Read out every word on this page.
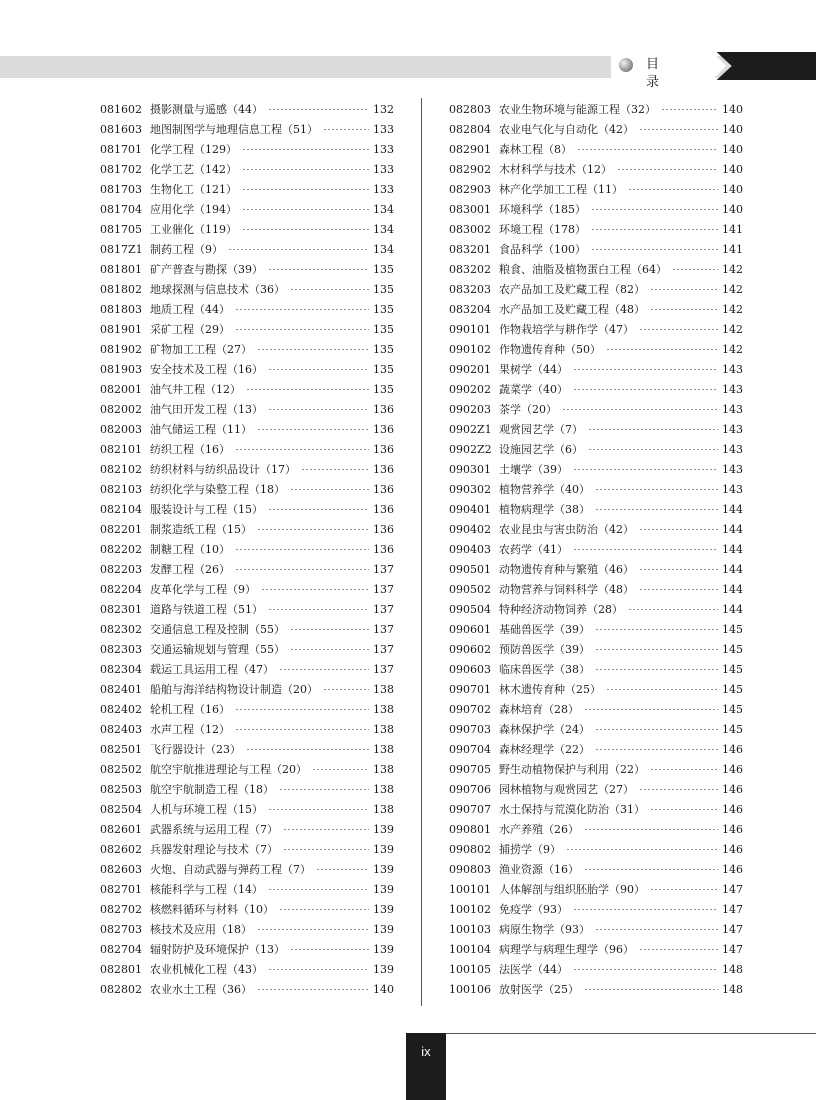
目录
081602 摄影测量与遥感（44）	132
081603 地图制图学与地理信息工程（51）	133
081701 化学工程（129）	133
081702 化学工艺（142）	133
081703 生物化工（121）	133
081704 应用化学（194）	134
081705 工业催化（119）	134
0817Z1 制药工程（9）	134
081801 矿产普查与勘探（39）	135
081802 地球探测与信息技术（36）	135
081803 地质工程（44）	135
081901 采矿工程（29）	135
081902 矿物加工工程（27）	135
081903 安全技术及工程（16）	135
082001 油气井工程（12）	135
082002 油气田开发工程（13）	136
082003 油气储运工程（11）	136
082101 纺织工程（16）	136
082102 纺织材料与纺织品设计（17）	136
082103 纺织化学与染整工程（18）	136
082104 服装设计与工程（15）	136
082201 制浆造纸工程（15）	136
082202 制糖工程（10）	136
082203 发酵工程（26）	137
082204 皮革化学与工程（9）	137
082301 道路与铁道工程（51）	137
082302 交通信息工程及控制（55）	137
082303 交通运输规划与管理（55）	137
082304 载运工具运用工程（47）	137
082401 船舶与海洋结构物设计制造（20）	138
082402 轮机工程（16）	138
082403 水声工程（12）	138
082501 飞行器设计（23）	138
082502 航空宇航推进理论与工程（20）	138
082503 航空宇航制造工程（18）	138
082504 人机与环境工程（15）	138
082601 武器系统与运用工程（7）	139
082602 兵器发射理论与技术（7）	139
082603 火炮、自动武器与弹药工程（7）	139
082701 核能科学与工程（14）	139
082702 核燃料循环与材料（10）	139
082703 核技术及应用（18）	139
082704 辐射防护及环境保护（13）	139
082801 农业机械化工程（43）	139
082802 农业水土工程（36）	140
082803 农业生物环境与能源工程（32）	140
082804 农业电气化与自动化（42）	140
082901 森林工程（8）	140
082902 木材科学与技术（12）	140
082903 林产化学加工工程（11）	140
083001 环境科学（185）	140
083002 环境工程（178）	141
083201 食品科学（100）	141
083202 粮食、油脂及植物蛋白工程（64）	142
083203 农产品加工及贮藏工程（82）	142
083204 水产品加工及贮藏工程（48）	142
090101 作物栽培学与耕作学（47）	142
090102 作物遗传育种（50）	142
090201 果树学（44）	143
090202 蔬菜学（40）	143
090203 茶学（20）	143
0902Z1 观赏园艺学（7）	143
0902Z2 设施园艺学（6）	143
090301 土壤学（39）	143
090302 植物营养学（40）	143
090401 植物病理学（38）	144
090402 农业昆虫与害虫防治（42）	144
090403 农药学（41）	144
090501 动物遗传育种与繁殖（46）	144
090502 动物营养与饲料科学（48）	144
090504 特种经济动物饲养（28）	144
090601 基础兽医学（39）	145
090602 预防兽医学（39）	145
090603 临床兽医学（38）	145
090701 林木遗传育种（25）	145
090702 森林培育（28）	145
090703 森林保护学（24）	145
090704 森林经理学（22）	146
090705 野生动植物保护与利用（22）	146
090706 园林植物与观赏园艺（27）	146
090707 水土保持与荒漠化防治（31）	146
090801 水产养殖（26）	146
090802 捕捞学（9）	146
090803 渔业资源（16）	146
100101 人体解剖与组织胚胎学（90）	147
100102 免疫学（93）	147
100103 病原生物学（93）	147
100104 病理学与病理生理学（96）	147
100105 法医学（44）	148
100106 放射医学（25）	148
ix
